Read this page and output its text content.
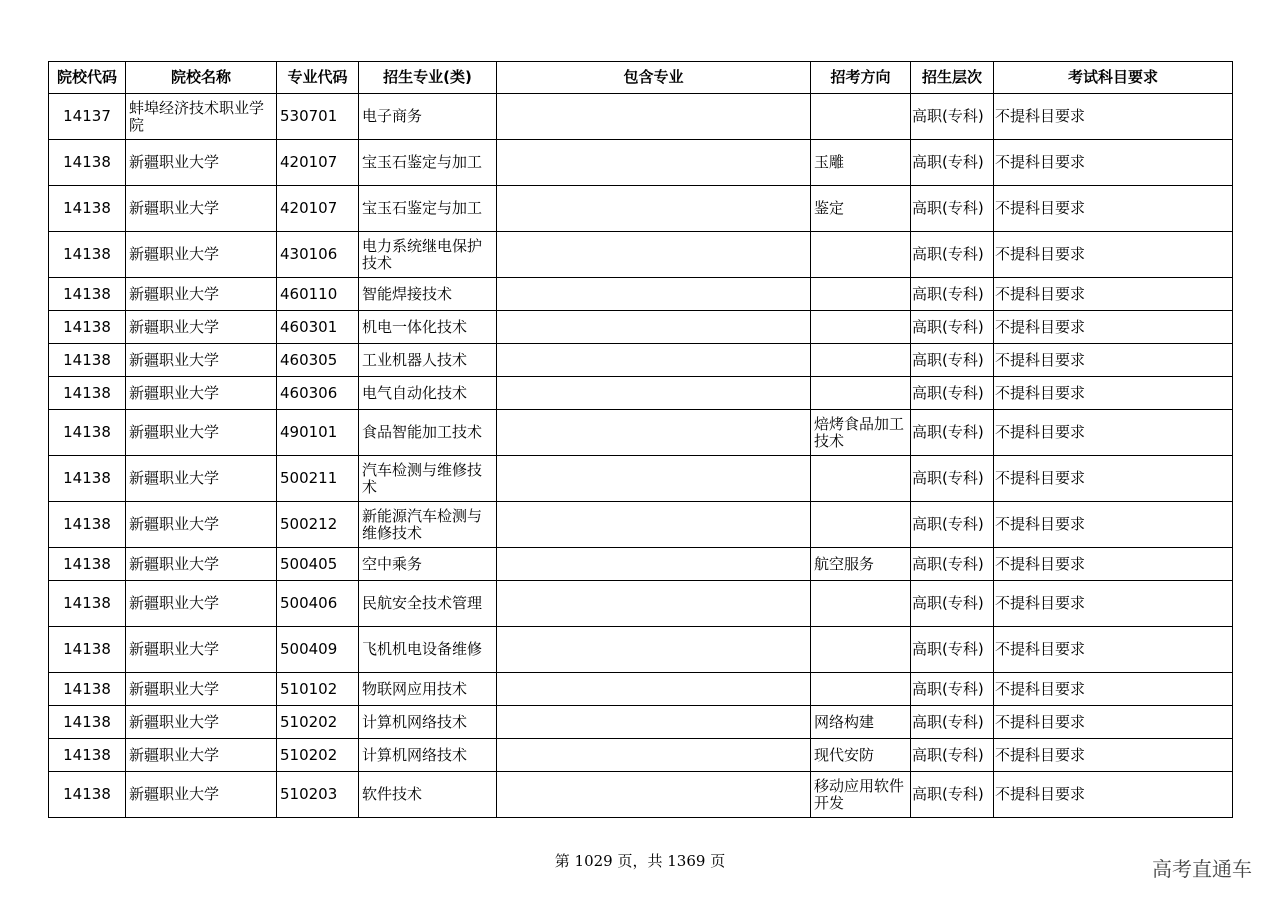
院校代码	院校名称	专业代码	招生专业(类)	包含专业	招考方向	招生层次	考试科目要求
14137	蚌埠经济技术职业学院	530701	电子商务			高职(专科)	不提科目要求
14138	新疆职业大学	420107	宝玉石鉴定与加工		玉雕	高职(专科)	不提科目要求
14138	新疆职业大学	420107	宝玉石鉴定与加工		鉴定	高职(专科)	不提科目要求
14138	新疆职业大学	430106	电力系统继电保护技术			高职(专科)	不提科目要求
14138	新疆职业大学	460110	智能焊接技术			高职(专科)	不提科目要求
14138	新疆职业大学	460301	机电一体化技术			高职(专科)	不提科目要求
14138	新疆职业大学	460305	工业机器人技术			高职(专科)	不提科目要求
14138	新疆职业大学	460306	电气自动化技术			高职(专科)	不提科目要求
14138	新疆职业大学	490101	食品智能加工技术		焙烤食品加工技术	高职(专科)	不提科目要求
14138	新疆职业大学	500211	汽车检测与维修技术			高职(专科)	不提科目要求
14138	新疆职业大学	500212	新能源汽车检测与维修技术			高职(专科)	不提科目要求
14138	新疆职业大学	500405	空中乘务		航空服务	高职(专科)	不提科目要求
14138	新疆职业大学	500406	民航安全技术管理			高职(专科)	不提科目要求
14138	新疆职业大学	500409	飞机机电设备维修			高职(专科)	不提科目要求
14138	新疆职业大学	510102	物联网应用技术			高职(专科)	不提科目要求
14138	新疆职业大学	510202	计算机网络技术		网络构建	高职(专科)	不提科目要求
14138	新疆职业大学	510202	计算机网络技术		现代安防	高职(专科)	不提科目要求
14138	新疆职业大学	510203	软件技术		移动应用软件开发	高职(专科)	不提科目要求
第 1029 页，共 1369 页	高考直通车
